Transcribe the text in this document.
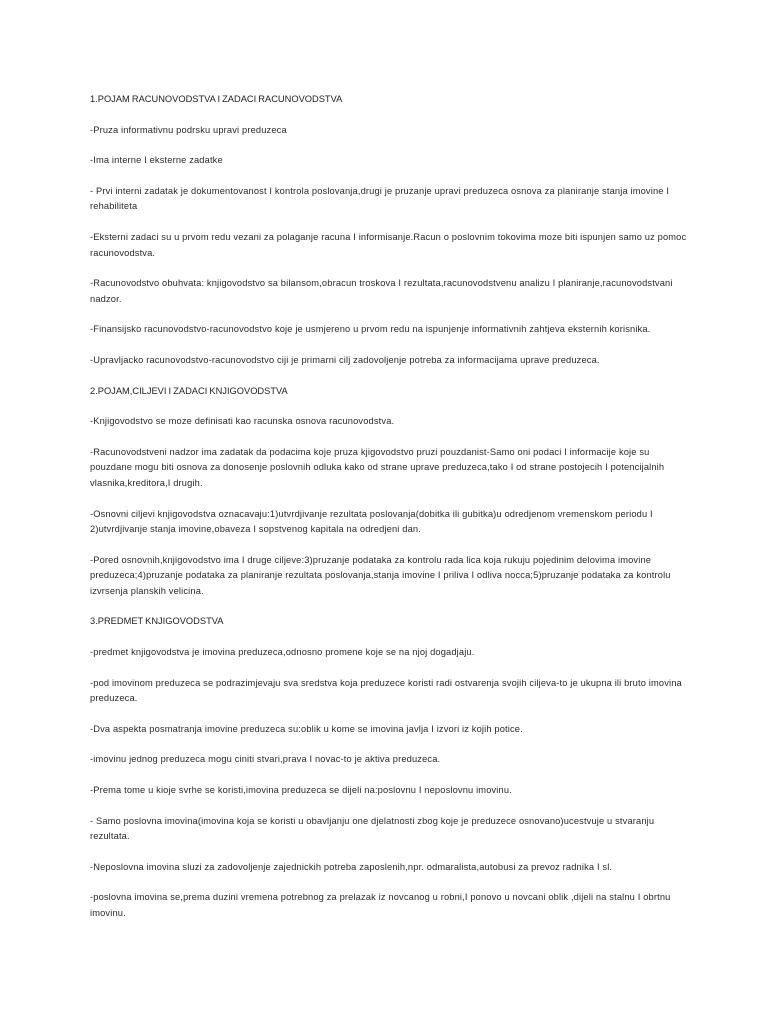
1.POJAM RACUNOVODSTVA I ZADACI RACUNOVODSTVA

-Pruza informativnu podrsku upravi preduzeca

-Ima interne I eksterne zadatke

- Prvi interni zadatak je dokumentovanost I kontrola poslovanja,drugi je pruzanje upravi preduzeca osnova za planiranje stanja imovine I rehabiliteta

-Eksterni zadaci su u prvom redu vezani za polaganje racuna I informisanje.Racun o poslovnim tokovima moze biti ispunjen samo uz pomoc racunovodstva.

-Racunovodstvo obuhvata: knjigovodstvo sa bilansom,obracun troskova I rezultata,racunovodstvenu analizu I planiranje,racunovodstvani nadzor.

-Finansijsko racunovodstvo-racunovodstvo koje je usmjereno u prvom redu na ispunjenje informativnih zahtjeva eksternih korisnika.

-Upravljacko racunovodstvo-racunovodstvo ciji je primarni cilj zadovoljenje potreba za informacijama uprave preduzeca.

2.POJAM,CILJEVI I ZADACI KNJIGOVODSTVA

-Knjigovodstvo se moze definisati kao racunska osnova racunovodstva.

-Racunovodstveni nadzor ima zadatak da podacima koje pruza kjigovodstvo pruzi pouzdanist-Samo oni podaci I informacije koje su pouzdane mogu biti osnova za donosenje poslovnih odluka kako od strane uprave preduzeca,tako I od strane postojecih I potencijalnih vlasnika,kreditora,I drugih.

-Osnovni ciljevi knjigovodstva oznacavaju:1)utvrdjivanje rezultata poslovanja(dobitka ili gubitka)u odredjenom vremenskom periodu I 2)utvrdjivanje stanja imovine,obaveza I sopstvenog kapitala na odredjeni dan.

-Pored osnovnih,knjigovodstvo ima I druge ciljeve:3)pruzanje podataka za kontrolu rada lica koja rukuju pojedinim delovima imovine preduzeca;4)pruzanje podataka za planiranje rezultata poslovanja,stanja imovine I priliva I odliva nocca;5)pruzanje podataka za kontrolu izvrsenja planskih velicina.

3.PREDMET KNJIGOVODSTVA

-predmet knjigovodstva je imovina preduzeca,odnosno promene koje se na njoj dogadjaju.

-pod imovinom preduzeca se podrazimjevaju sva sredstva koja preduzece koristi radi ostvarenja svojih ciljeva-to je ukupna ili bruto imovina preduzeca.

-Dva aspekta posmatranja imovine preduzeca su:oblik u kome se imovina javlja I izvori iz kojih potice.

-imovinu jednog preduzeca mogu ciniti stvari,prava I novac-to je aktiva preduzeca.

-Prema tome u kioje svrhe se koristi,imovina preduzeca se dijeli na:poslovnu I neposlovnu imovinu.

- Samo poslovna imovina(imovina koja se koristi u obavljanju one djelatnosti zbog koje je preduzece osnovano)ucestvuje u stvaranju rezultata.

-Neposlovna imovina sluzi za zadovoljenje zajednickih potreba zaposlenih,npr. odmaralista,autobusi za prevoz radnika I sl.

-poslovna imovina se,prema duzini vremena potrebnog za prelazak iz novcanog u robni,I ponovo u novcani oblik ,dijeli na stalnu I obrtnu imovinu.
